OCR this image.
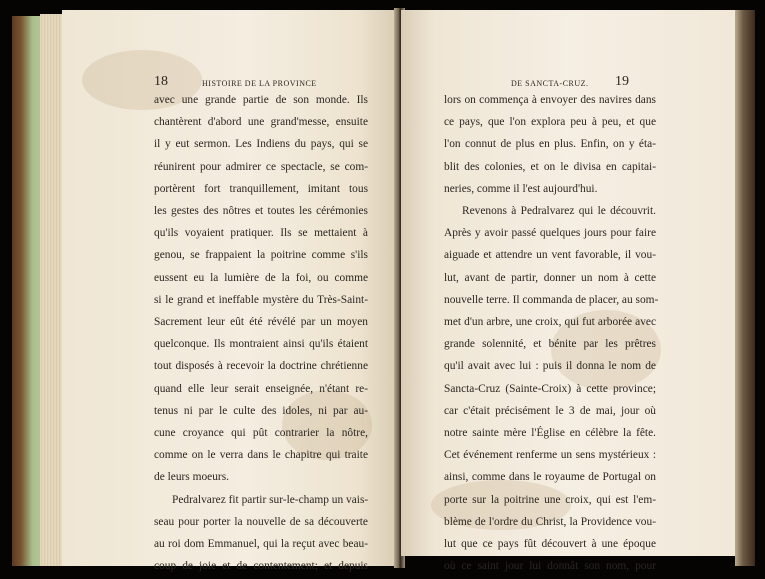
18	HISTOIRE DE LA PROVINCE
avec une grande partie de son monde. Ils
chantèrent d'abord une grand'messe, ensuite
il y eut sermon. Les Indiens du pays, qui se
réunirent pour admirer ce spectacle, se com-
portèrent fort tranquillement, imitant tous
les gestes des nôtres et toutes les cérémonies
qu'ils voyaient pratiquer. Ils se mettaient à
genou, se frappaient la poitrine comme s'ils
eussent eu la lumière de la foi, ou comme
si le grand et ineffable mystère du Très-Saint-
Sacrement leur eût été révélé par un moyen
quelconque. Ils montraient ainsi qu'ils étaient
tout disposés à recevoir la doctrine chrétienne
quand elle leur serait enseignée, n'étant re-
tenus ni par le culte des idoles, ni par au-
cune croyance qui pût contrarier la nôtre,
comme on le verra dans le chapitre qui traite
de leurs moeurs.
Pedralvarez fit partir sur-le-champ un vais-
seau pour porter la nouvelle de sa découverte
au roi dom Emmanuel, qui la reçut avec beau-
coup de joie et de contentement; et depuis
DE SANCTA-CRUZ. 19
lors on commença à envoyer des navires dans
ce pays, que l'on explora peu à peu, et que
l'on connut de plus en plus. Enfin, on y éta-
blit des colonies, et on le divisa en capitai-
neries, comme il l'est aujourd'hui.
Revenons à Pedralvarez qui le découvrit.
Après y avoir passé quelques jours pour faire
aiguade et attendre un vent favorable, il vou-
lut, avant de partir, donner un nom à cette
nouvelle terre. Il commanda de placer, au som-
met d'un arbre, une croix, qui fut arborée avec
grande solennité, et bénite par les prêtres
qu'il avait avec lui : puis il donna le nom de
Sancta-Cruz (Sainte-Croix) à cette province;
car c'était précisément le 3 de mai, jour où
notre sainte mère l'Église en célèbre la fête.
Cet événement renferme un sens mystérieux :
ainsi, comme dans le royaume de Portugal on
porte sur la poitrine une croix, qui est l'em-
blème de l'ordre du Christ, la Providence vou-
lut que ce pays fût découvert à une époque
où ce saint jour lui donnât son nom, pour
